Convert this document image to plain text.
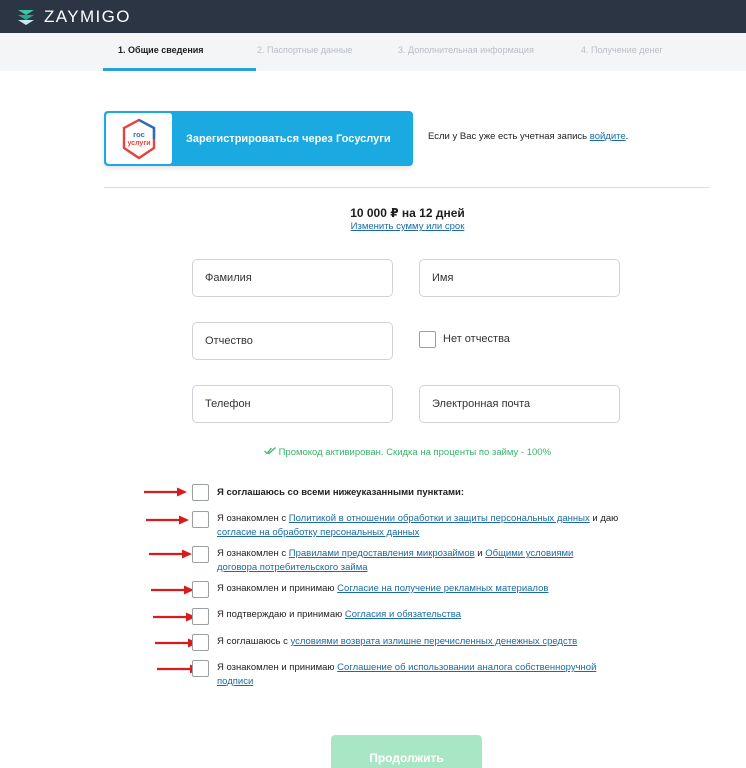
ZAYMIGO
1. Общие сведения	2. Паспортные данные	3. Дополнительная информация	4. Получение денег
гос
услуги	Зарегистрироваться через Госуслуги	Если у Вас уже есть учетная запись войдите.
10 000 ₽ на 12 дней
Изменить сумму или срок
Фамилия
Имя
Отчество
Нет отчества
Телефон
Электронная почта
Промокод активирован. Скидка на проценты по займу - 100%
Я соглашаюсь со всеми нижеуказанными пунктами:
Я ознакомлен с Политикой в отношении обработки и защиты персональных данных и даю согласие на обработку персональных данных
Я ознакомлен с Правилами предоставления микрозаймов и Общими условиями договора потребительского займа
Я ознакомлен и принимаю Согласие на получение рекламных материалов
Я подтверждаю и принимаю Согласия и обязательства
Я соглашаюсь с условиями возврата излишне перечисленных денежных средств
Я ознакомлен и принимаю Соглашение об использовании аналога собственноручной подписи
Продолжить
